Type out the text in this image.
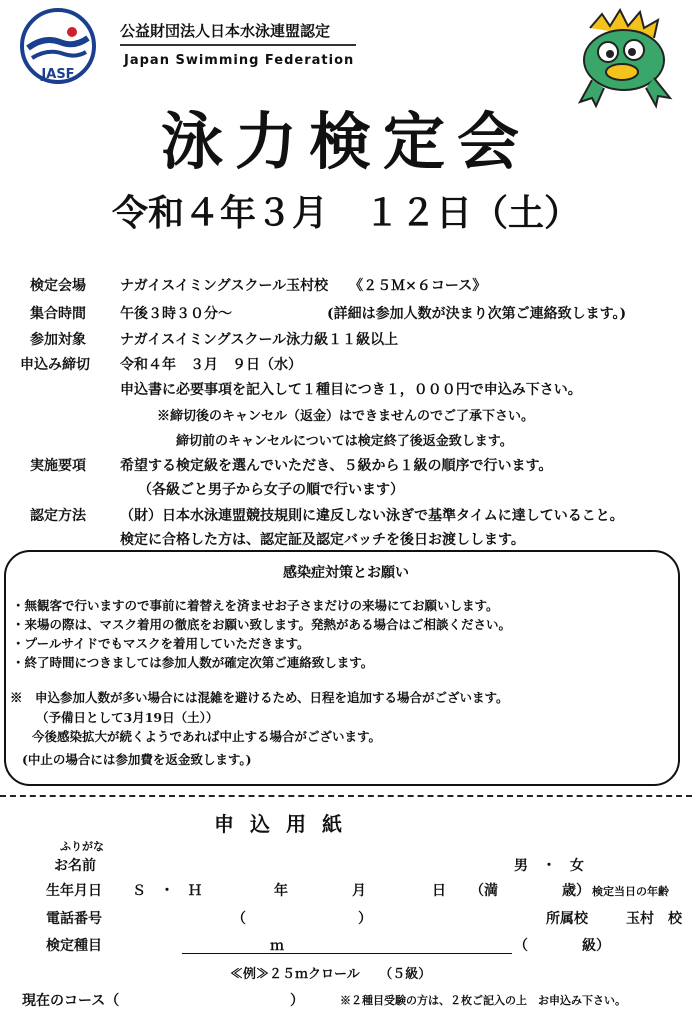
JASF
公益財団法人日本水泳連盟認定
Japan Swimming Federation
泳力検定会
令和４年３月　１２日（土）
検定会場 ナガイスイミングスクール玉村校　　《２５Ｍ×６コース》
集合時間 午後３時３０分～	(詳細は参加人数が決まり次第ご連絡致します。)
参加対象 ナガイスイミングスクール泳力級１１級以上
申込み締切 令和４年　３月　９日（水）
申込書に必要事項を記入して１種目につき１，０００円で申込み下さい。
※締切後のキャンセル（返金）はできませんのでご了承下さい。
締切前のキャンセルについては検定終了後返金致します。
実施要項 希望する検定級を選んでいただき、５級から１級の順序で行います。
（各級ごと男子から女子の順で行います）
認定方法 （財）日本水泳連盟競技規則に違反しない泳ぎで基準タイムに達していること。
検定に合格した方は、認定証及認定バッチを後日お渡しします。
感染症対策とお願い
・無観客で行いますので事前に着替えを済ませお子さまだけの来場にてお願いします。
・来場の際は、マスク着用の徹底をお願い致します。発熱がある場合はご相談ください。
・プールサイドでもマスクを着用していただきます。
・終了時間につきましては参加人数が確定次第ご連絡致します。
※　申込参加人数が多い場合には混雑を避けるため、日程を追加する場合がございます。
（予備日として3月19日（土））
今後感染拡大が続くようであれば中止する場合がございます。
(中止の場合には参加費を返金致します。)
申込用紙
ふりがな
お名前	男　・　女
生年月日 Ｓ　・　Ｈ	年	月	日 （満	歳） 検定当日の年齢
電話番号	（　　　　　　　　）	所属校	玉村　校
検定種目	ｍ	（	級）
≪例≫２５ｍクロール　　（５級）
現在のコース（	）	※２種目受験の方は、２枚ご記入の上　お申込み下さい。
